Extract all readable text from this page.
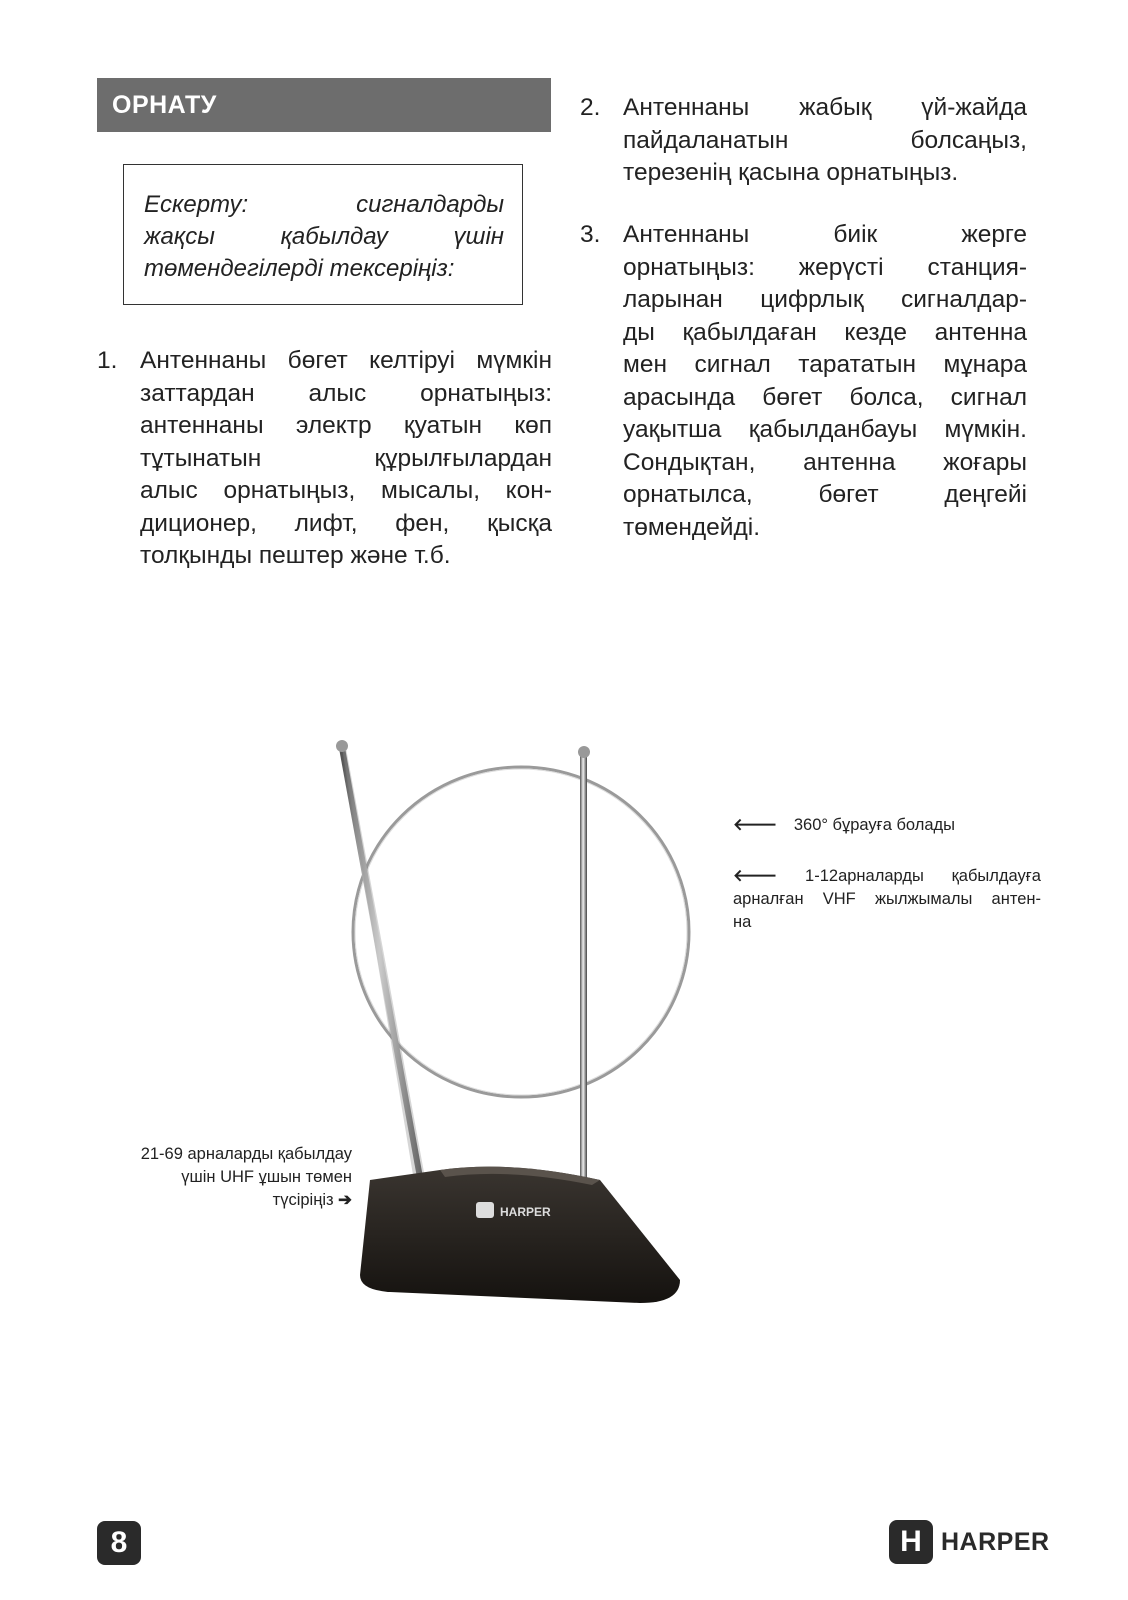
ОРНАТУ
Ескерту: сигналдарды
жақсы қабылдау үшін
төмендегілерді тексеріңіз:
1. Антеннаны бөгет келтіруі мүмкін
заттардан алыс орнатыңыз:
антеннаны электр қуатын көп
тұтынатын құрылғылардан
алыс орнатыңыз, мысалы, кон-
диционер, лифт, фен, қысқа
толқынды пештер және т.б.
2. Антеннаны жабық үй-жайда
пайдаланатын болсаңыз,
терезенің қасына орнатыңыз.
3. Антеннаны биік жерге
орнатыңыз: жерүсті станция-
ларынан цифрлық сигналдар-
ды қабылдаған кезде антенна
мен сигнал тарататын мұнара
арасында бөгет болса, сигнал
уақытша қабылданбауы мүмкін.
Сондықтан, антенна жоғары
орнатылса, бөгет деңгейі
төмендейді.
HARPER
🡐 360° бұрауға болады
🡐 1-12арналарды қабылдауға
арналған VHF жылжымалы антен-
на
21-69 арналарды қабылдау
үшін UHF ұшын төмен
түсіріңіз ➔
8	H HARPER
